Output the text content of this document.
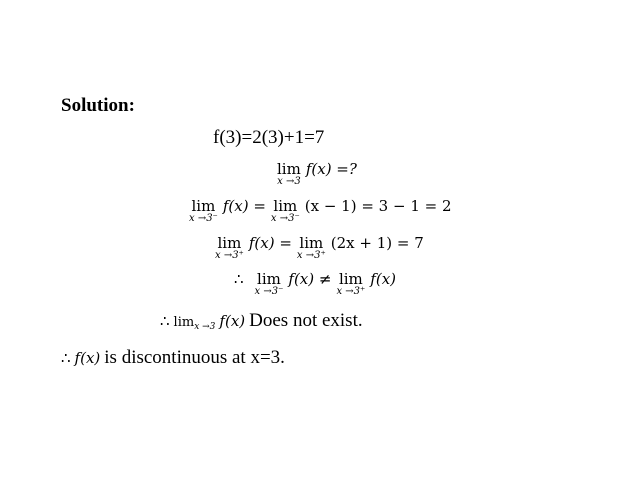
Solution:
f(3)=2(3)+1=7
lim
x →3
f(x) =?
lim
x →3⁻
f(x) = lim
x →3⁻
(x − 1) = 3 − 1 = 2
lim
x →3⁺
f(x) = lim
x →3⁺
(2x + 1) = 7
∴ lim
x →3⁻
f(x) ≠ lim
x →3⁺
f(x)
∴ limx →3 f(x) Does not exist.
∴ f(x) is discontinuous at x=3.
